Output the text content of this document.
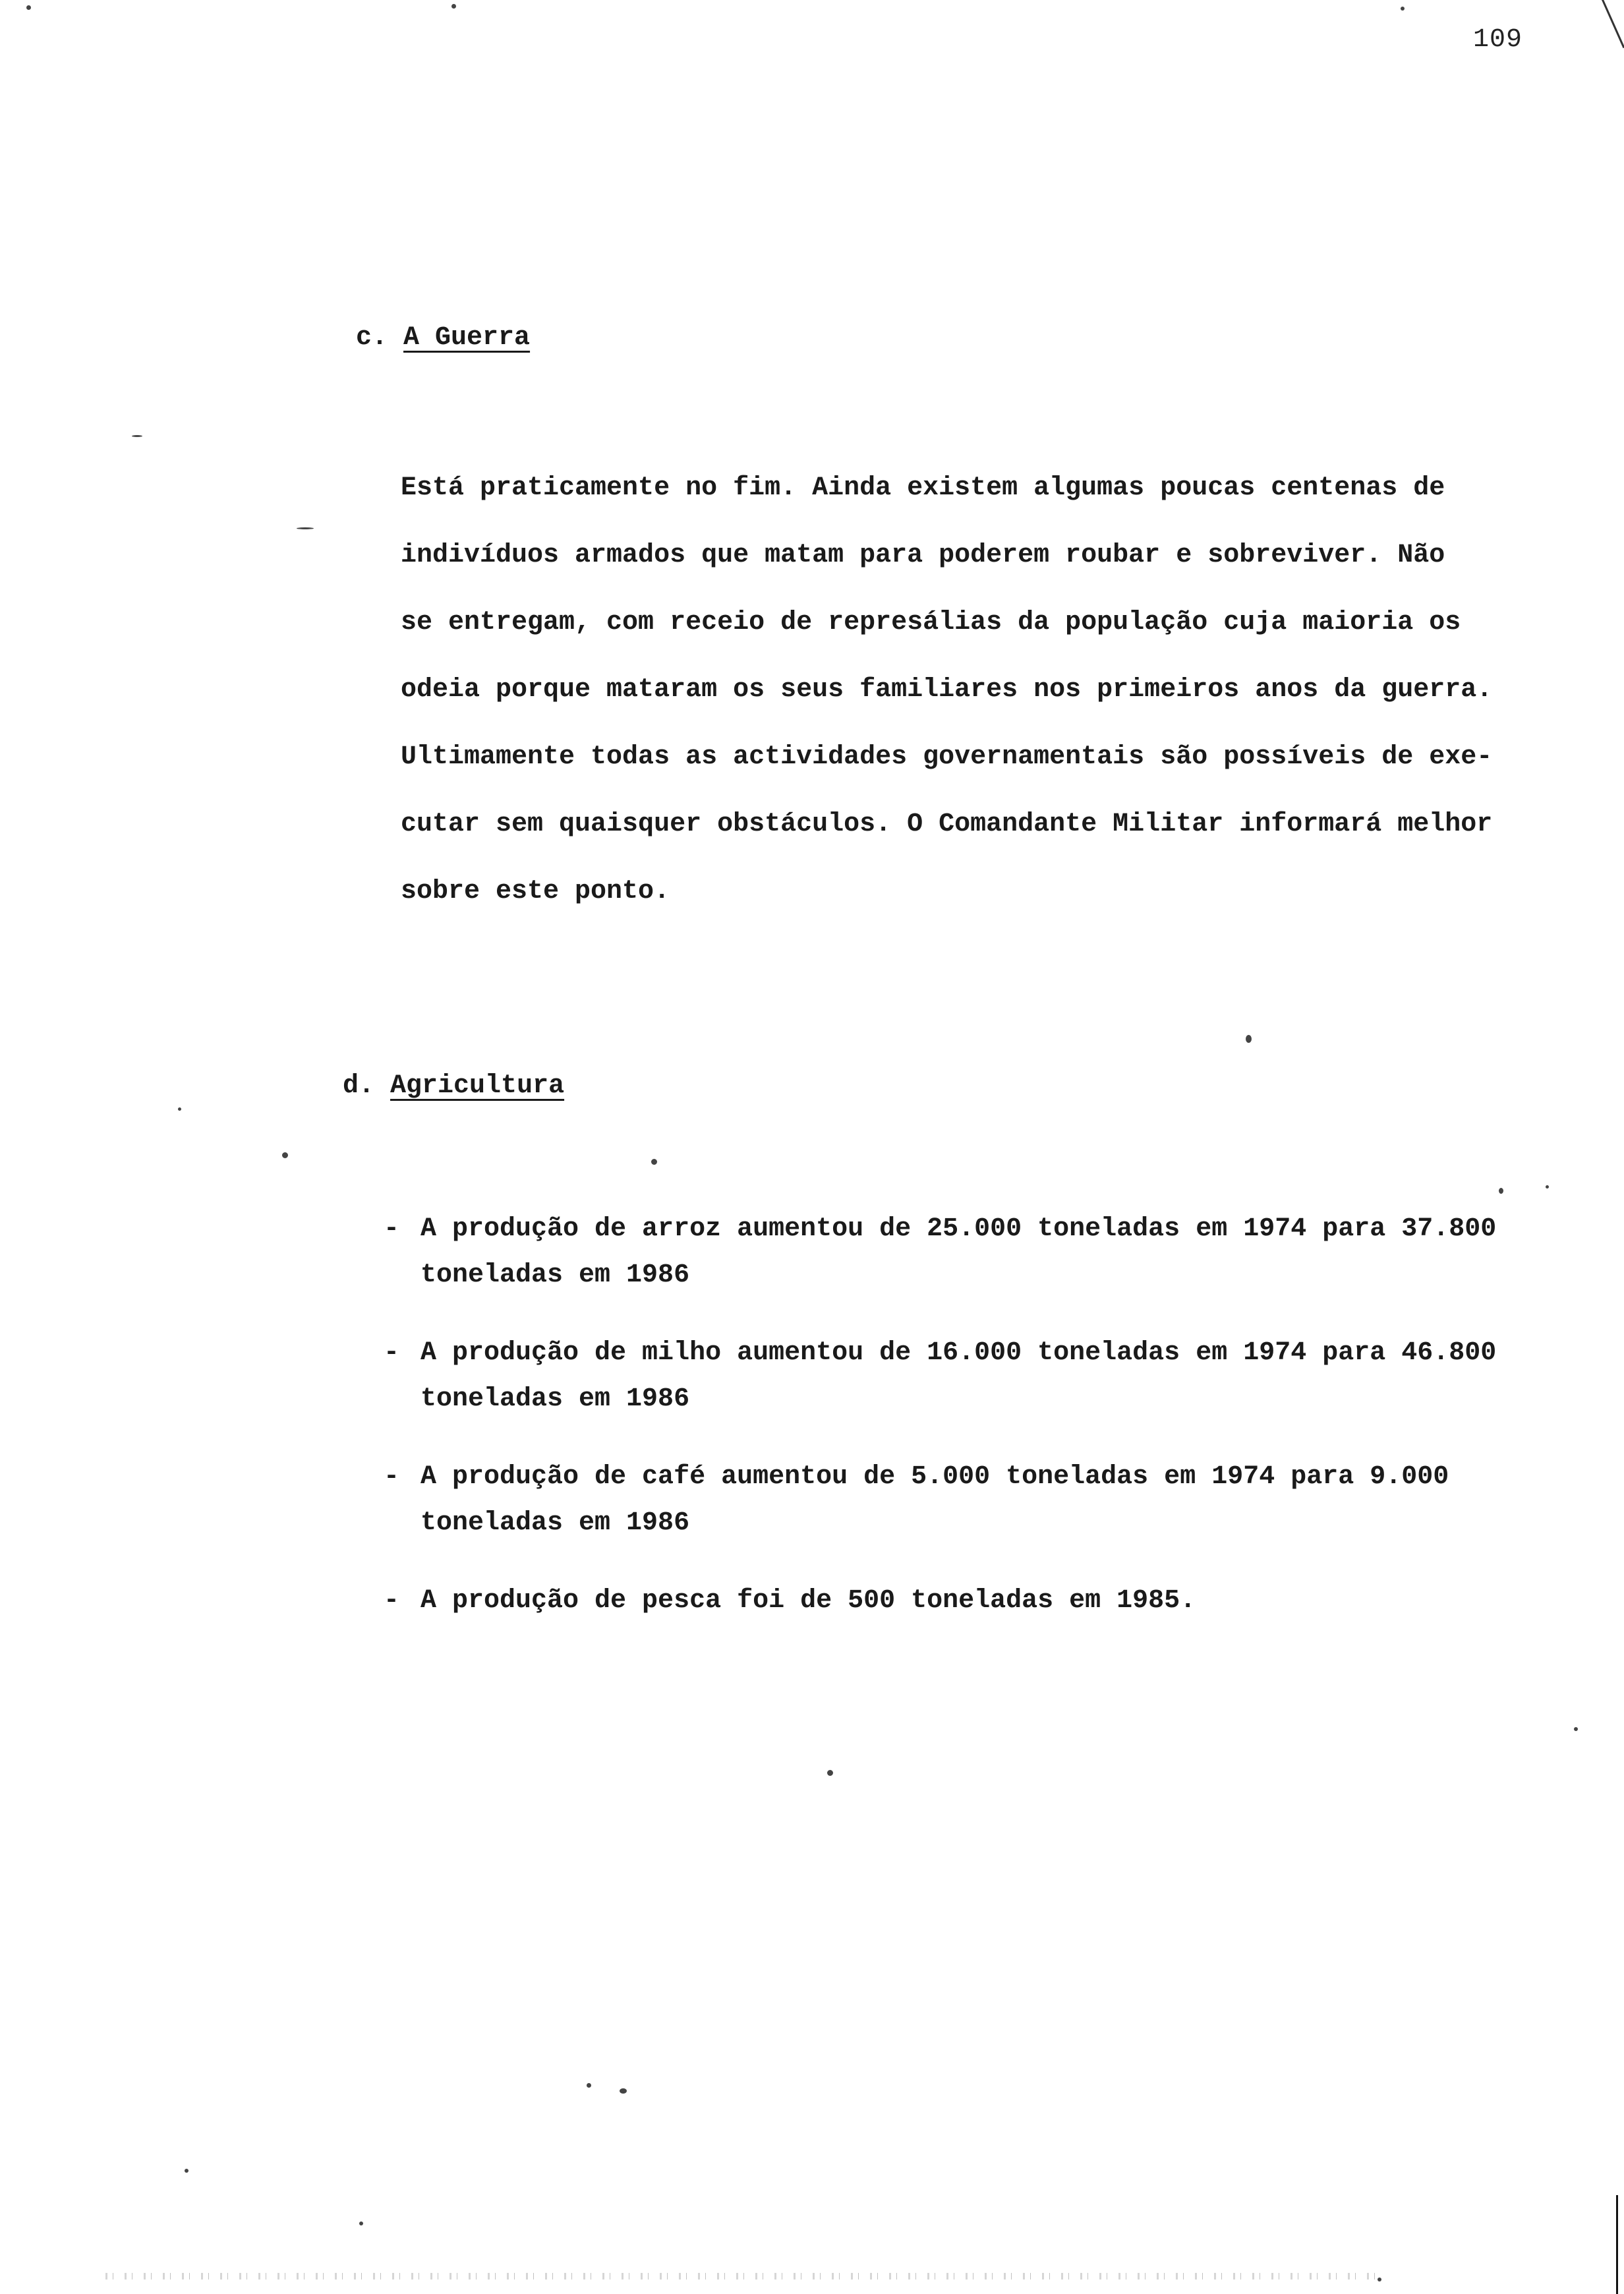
109
c. A Guerra
Está praticamente no fim. Ainda existem algumas poucas centenas de
indivíduos armados que matam para poderem roubar e sobreviver. Não
se entregam, com receio de represálias da população cuja maioria os
odeia porque mataram os seus familiares nos primeiros anos da guerra.
Ultimamente todas as actividades governamentais são possíveis de exe-
cutar sem quaisquer obstáculos. O Comandante Militar informará melhor
sobre este ponto.
d. Agricultura
- A produção de arroz aumentou de 25.000 toneladas em 1974 para 37.800 toneladas em 1986
- A produção de milho aumentou de 16.000 toneladas em 1974 para 46.800 toneladas em 1986
- A produção de café aumentou de 5.000 toneladas em 1974 para 9.000 toneladas em 1986
- A produção de pesca foi de 500 toneladas em 1985.
